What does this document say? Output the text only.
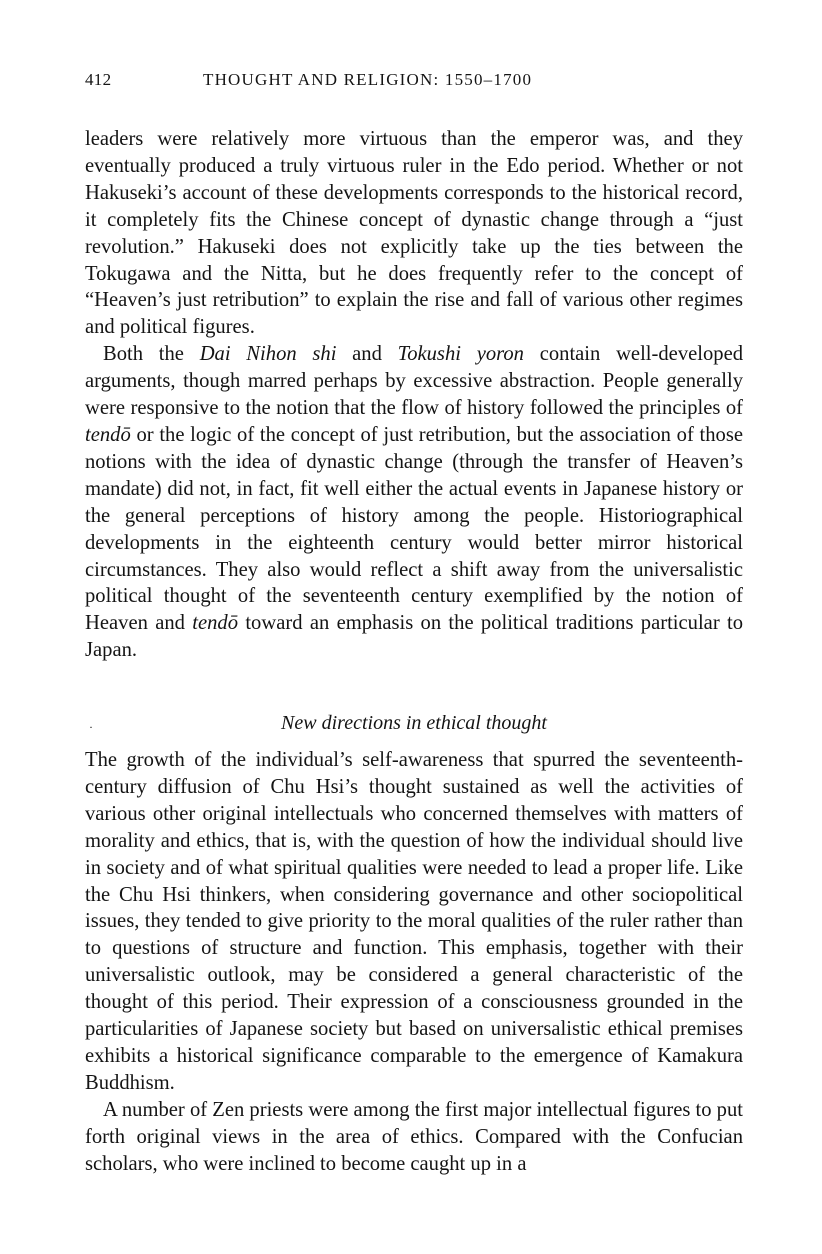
412	THOUGHT AND RELIGION: 1550–1700

leaders were relatively more virtuous than the emperor was, and they eventually produced a truly virtuous ruler in the Edo period. Whether or not Hakuseki’s account of these developments corresponds to the historical record, it completely fits the Chinese concept of dynastic change through a “just revolution.” Hakuseki does not explicitly take up the ties between the Tokugawa and the Nitta, but he does frequently refer to the concept of “Heaven’s just retribution” to explain the rise and fall of various other regimes and political figures.

Both the Dai Nihon shi and Tokushi yoron contain well-developed arguments, though marred perhaps by excessive abstraction. People generally were responsive to the notion that the flow of history followed the principles of tendō or the logic of the concept of just retribution, but the association of those notions with the idea of dynastic change (through the transfer of Heaven’s mandate) did not, in fact, fit well either the actual events in Japanese history or the general perceptions of history among the people. Historiographical developments in the eighteenth century would better mirror historical circumstances. They also would reflect a shift away from the universalistic political thought of the seventeenth century exemplified by the notion of Heaven and tendō toward an emphasis on the political traditions particular to Japan.

·	New directions in ethical thought

The growth of the individual’s self-awareness that spurred the seventeenth-century diffusion of Chu Hsi’s thought sustained as well the activities of various other original intellectuals who concerned themselves with matters of morality and ethics, that is, with the question of how the individual should live in society and of what spiritual qualities were needed to lead a proper life. Like the Chu Hsi thinkers, when considering governance and other sociopolitical issues, they tended to give priority to the moral qualities of the ruler rather than to questions of structure and function. This emphasis, together with their universalistic outlook, may be considered a general characteristic of the thought of this period. Their expression of a consciousness grounded in the particularities of Japanese society but based on universalistic ethical premises exhibits a historical significance comparable to the emergence of Kamakura Buddhism.

A number of Zen priests were among the first major intellectual figures to put forth original views in the area of ethics. Compared with the Confucian scholars, who were inclined to become caught up in a
